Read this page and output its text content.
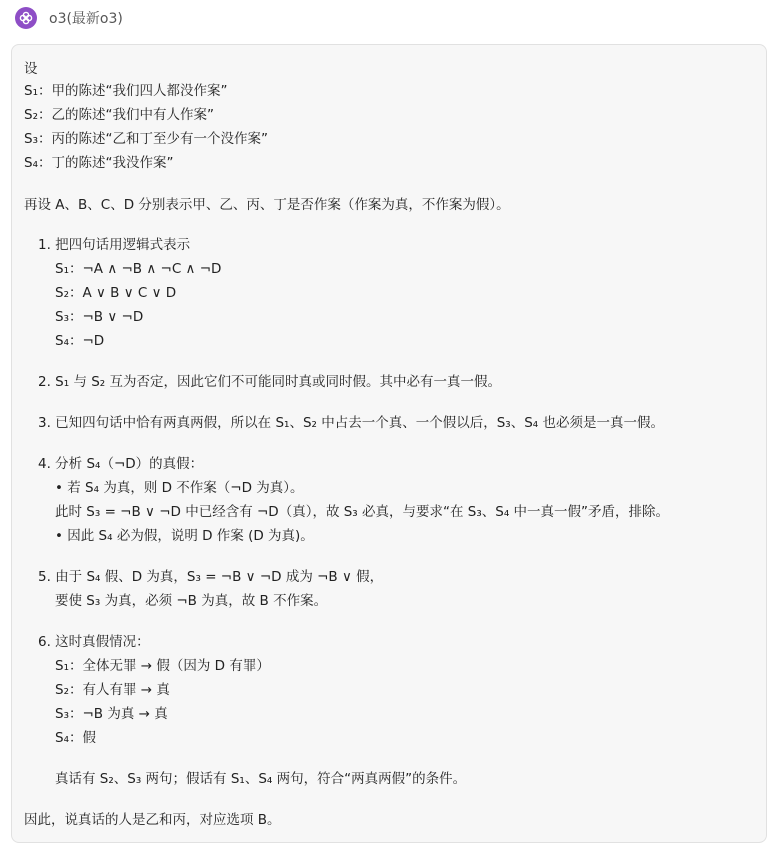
o3(最新o3)
设
S₁：甲的陈述“我们四人都没作案”
S₂：乙的陈述“我们中有人作案”
S₃：丙的陈述“乙和丁至少有一个没作案”
S₄：丁的陈述“我没作案”
再设 A、B、C、D 分别表示甲、乙、丙、丁是否作案（作案为真，不作案为假）。
1. 把四句话用逻辑式表示
S₁：¬A ∧ ¬B ∧ ¬C ∧ ¬D
S₂：A ∨ B ∨ C ∨ D
S₃：¬B ∨ ¬D
S₄：¬D
2. S₁ 与 S₂ 互为否定，因此它们不可能同时真或同时假。其中必有一真一假。
3. 已知四句话中恰有两真两假，所以在 S₁、S₂ 中占去一个真、一个假以后，S₃、S₄ 也必须是一真一假。
4. 分析 S₄（¬D）的真假：
• 若 S₄ 为真，则 D 不作案（¬D 为真）。
此时 S₃ = ¬B ∨ ¬D 中已经含有 ¬D（真），故 S₃ 必真，与要求“在 S₃、S₄ 中一真一假”矛盾，排除。
• 因此 S₄ 必为假，说明 D 作案 (D 为真)。
5. 由于 S₄ 假、D 为真，S₃ = ¬B ∨ ¬D 成为 ¬B ∨ 假，
要使 S₃ 为真，必须 ¬B 为真，故 B 不作案。
6. 这时真假情况：
S₁：全体无罪 → 假（因为 D 有罪）
S₂：有人有罪 → 真
S₃：¬B 为真 → 真
S₄：假
真话有 S₂、S₃ 两句；假话有 S₁、S₄ 两句，符合“两真两假”的条件。
因此，说真话的人是乙和丙，对应选项 B。
